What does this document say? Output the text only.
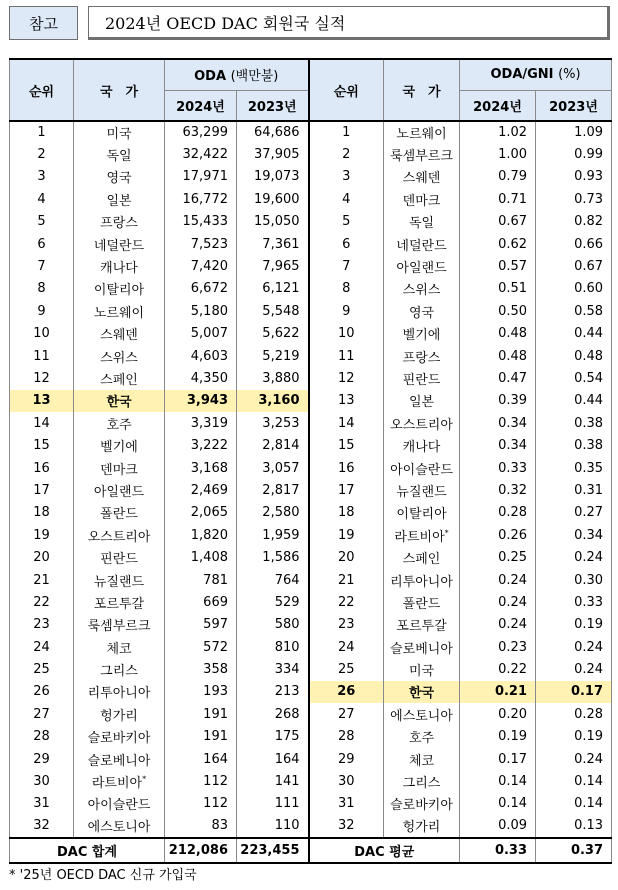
참고	2024년 OECD DAC 회원국 실적
순위	국　가	ODA (백만불)		순위	국　가	ODA/GNI (%)	
		2024년	2023년			2024년	2023년
1	미국	63,299	64,686	1	노르웨이	1.02	1.09
2	독일	32,422	37,905	2	룩셈부르크	1.00	0.99
3	영국	17,971	19,073	3	스웨덴	0.79	0.93
4	일본	16,772	19,600	4	덴마크	0.71	0.73
5	프랑스	15,433	15,050	5	독일	0.67	0.82
6	네덜란드	7,523	7,361	6	네덜란드	0.62	0.66
7	캐나다	7,420	7,965	7	아일랜드	0.57	0.67
8	이탈리아	6,672	6,121	8	스위스	0.51	0.60
9	노르웨이	5,180	5,548	9	영국	0.50	0.58
10	스웨덴	5,007	5,622	10	벨기에	0.48	0.44
11	스위스	4,603	5,219	11	프랑스	0.48	0.48
12	스페인	4,350	3,880	12	핀란드	0.47	0.54
13	한국	3,943	3,160	13	일본	0.39	0.44
14	호주	3,319	3,253	14	오스트리아	0.34	0.38
15	벨기에	3,222	2,814	15	캐나다	0.34	0.38
16	덴마크	3,168	3,057	16	아이슬란드	0.33	0.35
17	아일랜드	2,469	2,817	17	뉴질랜드	0.32	0.31
18	폴란드	2,065	2,580	18	이탈리아	0.28	0.27
19	오스트리아	1,820	1,959	19	라트비아*	0.26	0.34
20	핀란드	1,408	1,586	20	스페인	0.25	0.24
21	뉴질랜드	781	764	21	리투아니아	0.24	0.30
22	포르투갈	669	529	22	폴란드	0.24	0.33
23	룩셈부르크	597	580	23	포르투갈	0.24	0.19
24	체코	572	810	24	슬로베니아	0.23	0.24
25	그리스	358	334	25	미국	0.22	0.24
26	리투아니아	193	213	26	한국	0.21	0.17
27	헝가리	191	268	27	에스토니아	0.20	0.28
28	슬로바키아	191	175	28	호주	0.19	0.19
29	슬로베니아	164	164	29	체코	0.17	0.24
30	라트비아*	112	141	30	그리스	0.14	0.14
31	아이슬란드	112	111	31	슬로바키아	0.14	0.14
32	에스토니아	83	110	32	헝가리	0.09	0.13
DAC 합계		212,086	223,455	DAC 평균		0.33	0.37
* '25년 OECD DAC 신규 가입국
